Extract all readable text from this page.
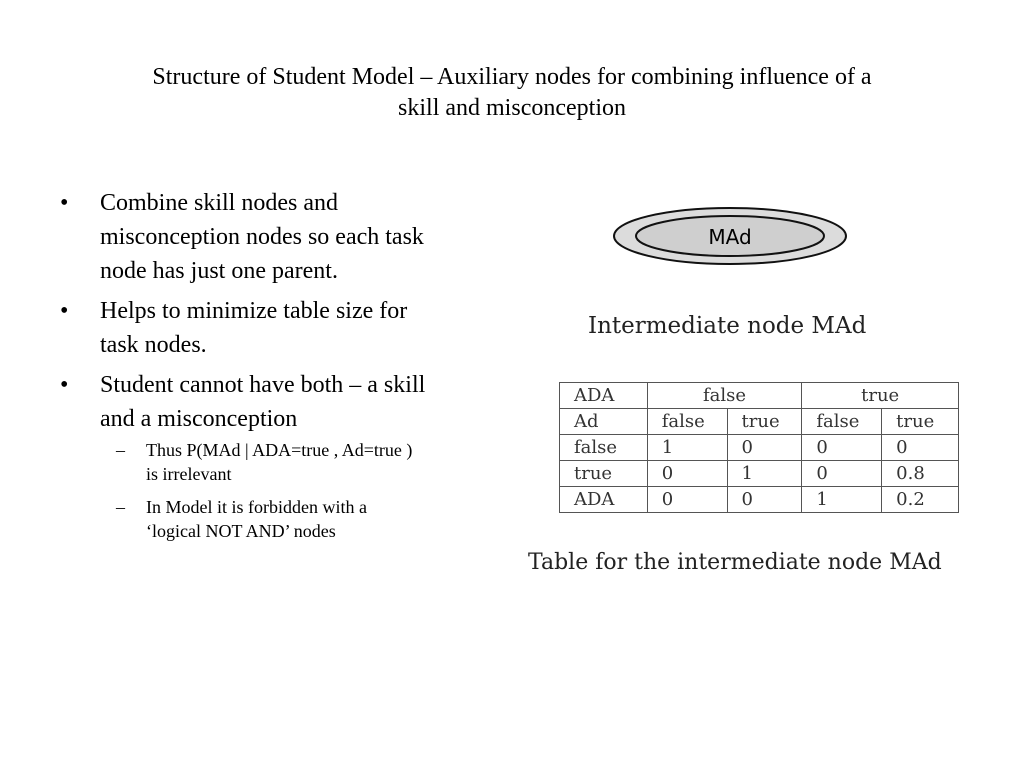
Structure of Student Model – Auxiliary nodes for combining influence of a
skill and misconception
• Combine skill nodes and
misconception nodes so each task
node has just one parent.
• Helps to minimize table size for
task nodes.
• Student cannot have both – a skill
and a misconception
– Thus P(MAd | ADA=true , Ad=true )
is irrelevant
– In Model it is forbidden with a
‘logical NOT AND’ nodes
MAd
Intermediate node MAd
ADA	false		true	
Ad	false	true	false	true
false	1	0	0	0
true	0	1	0	0.8
ADA	0	0	1	0.2
Table for the intermediate node MAd
